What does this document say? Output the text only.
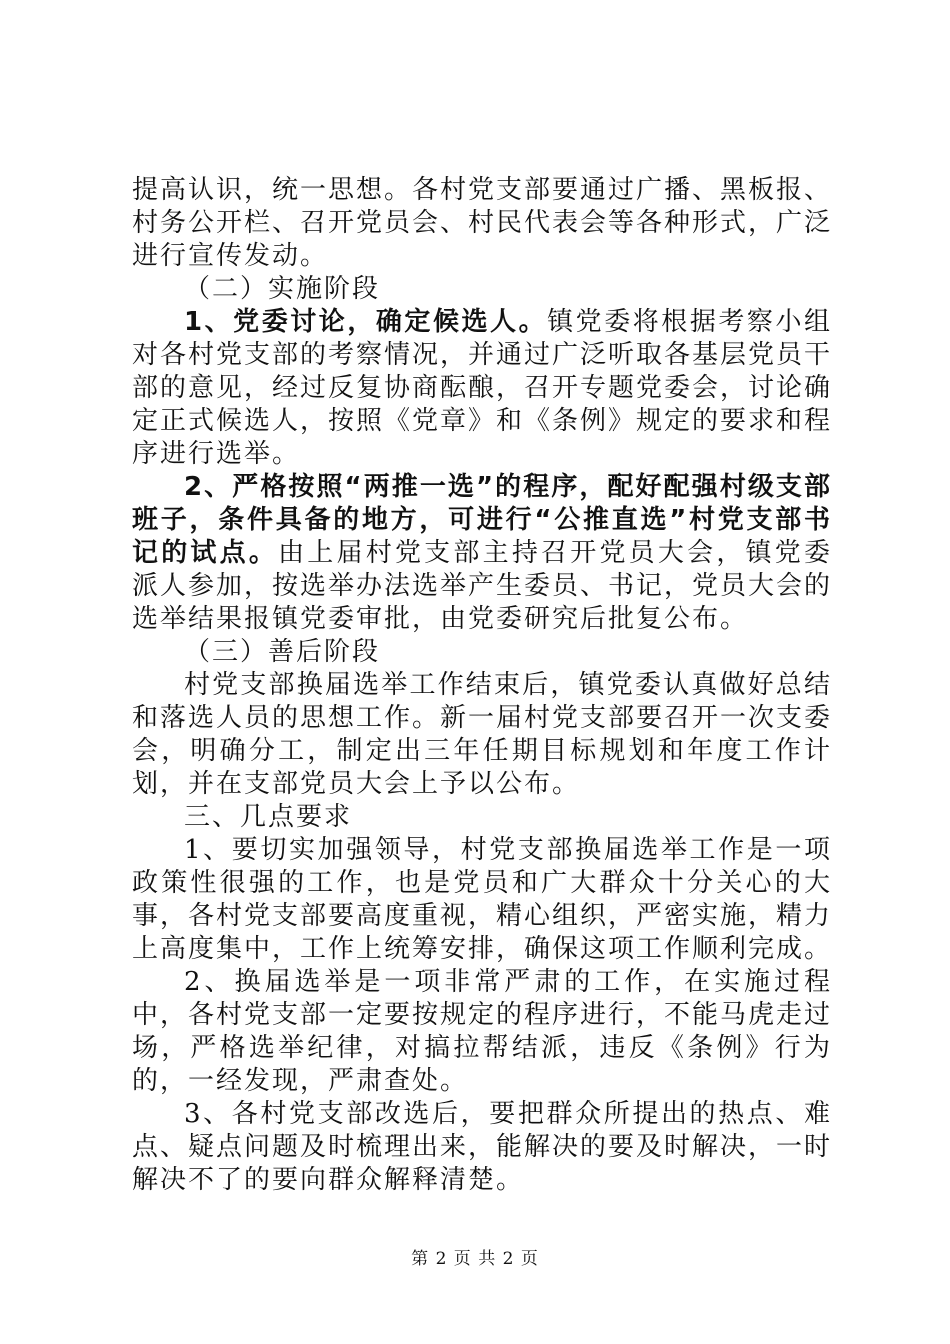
提高认识，统一思想。各村党支部要通过广播、黑板报、村务公开栏、召开党员会、村民代表会等各种形式，广泛进行宣传发动。

（二）实施阶段

1、党委讨论，确定候选人。镇党委将根据考察小组对各村党支部的考察情况，并通过广泛听取各基层党员干部的意见，经过反复协商酝酿，召开专题党委会，讨论确定正式候选人，按照《党章》和《条例》规定的要求和程序进行选举。

2、严格按照“两推一选”的程序，配好配强村级支部班子，条件具备的地方，可进行“公推直选”村党支部书记的试点。由上届村党支部主持召开党员大会，镇党委派人参加，按选举办法选举产生委员、书记，党员大会的选举结果报镇党委审批，由党委研究后批复公布。

（三）善后阶段

村党支部换届选举工作结束后，镇党委认真做好总结和落选人员的思想工作。新一届村党支部要召开一次支委会，明确分工，制定出三年任期目标规划和年度工作计划，并在支部党员大会上予以公布。

三、几点要求

1、要切实加强领导，村党支部换届选举工作是一项政策性很强的工作，也是党员和广大群众十分关心的大事，各村党支部要高度重视，精心组织，严密实施，精力上高度集中，工作上统筹安排，确保这项工作顺利完成。

2、换届选举是一项非常严肃的工作，在实施过程中，各村党支部一定要按规定的程序进行，不能马虎走过场，严格选举纪律，对搞拉帮结派，违反《条例》行为的，一经发现，严肃查处。

3、各村党支部改选后，要把群众所提出的热点、难点、疑点问题及时梳理出来，能解决的要及时解决，一时解决不了的要向群众解释清楚。

第 2 页 共 2 页
